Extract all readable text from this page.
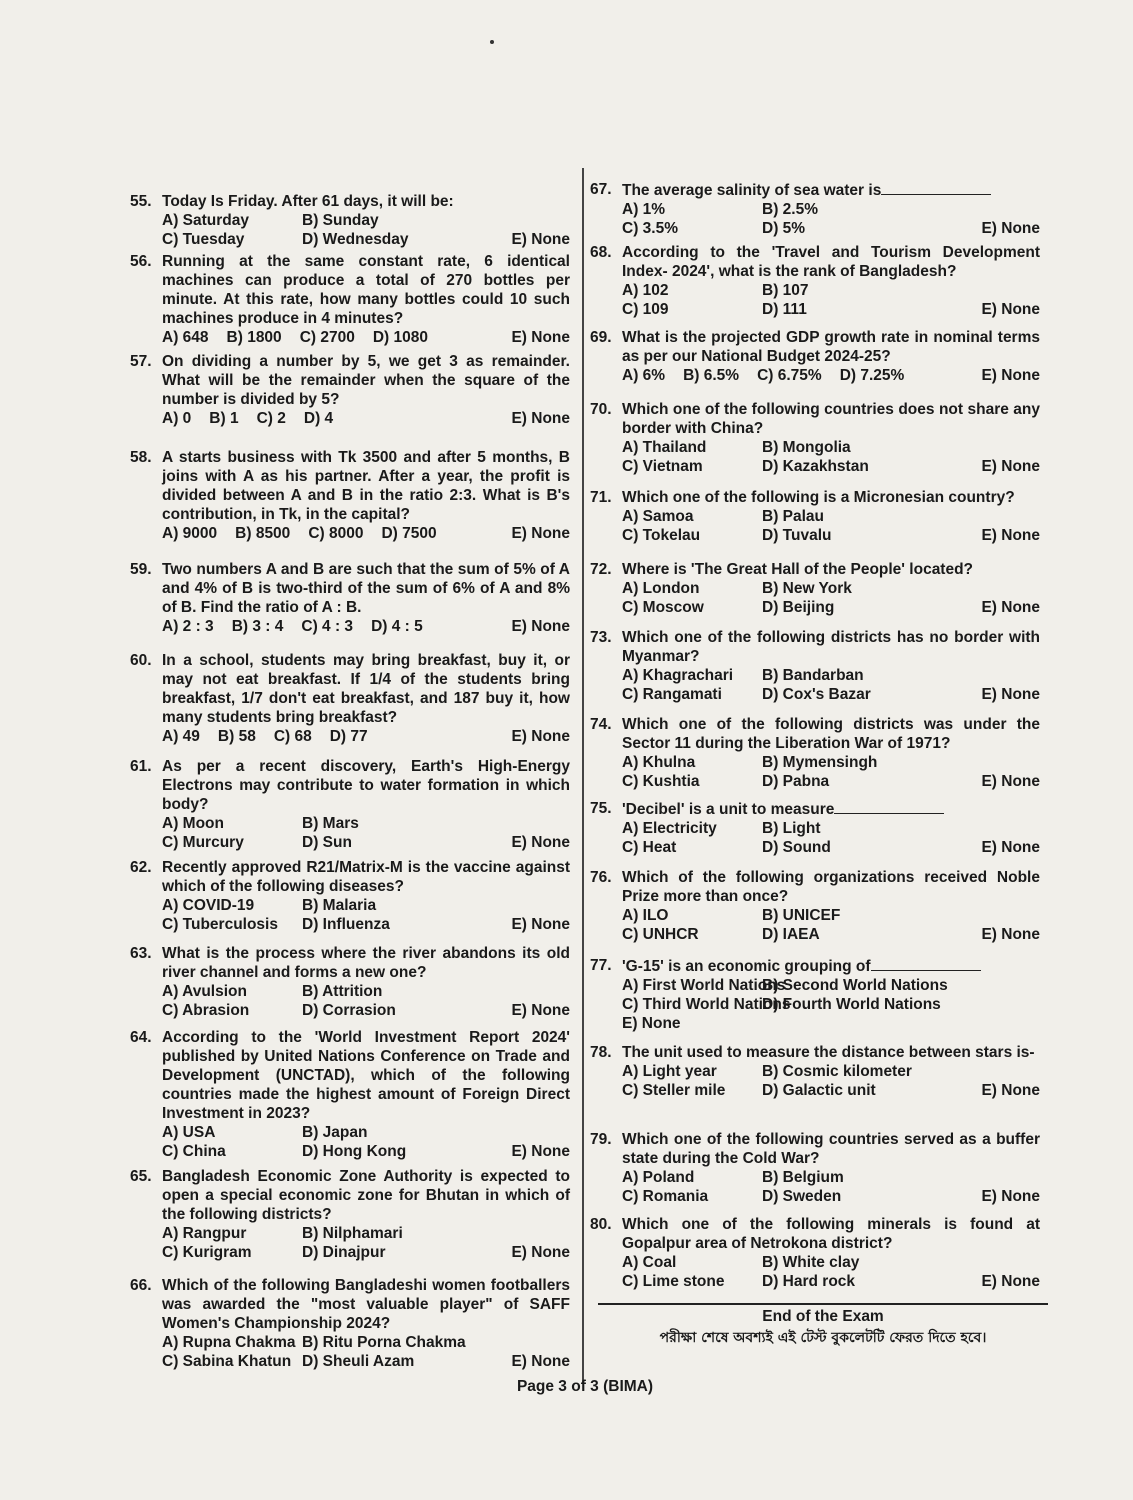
55. Today Is Friday. After 61 days, it will be:
A) Saturday	B) Sunday
C) Tuesday	D) Wednesday	E) None
56. Running at the same constant rate, 6 identical machines can produce a total of 270 bottles per minute. At this rate, how many bottles could 10 such machines produce in 4 minutes?
A) 648 B) 1800 C) 2700 D) 1080	E) None
57. On dividing a number by 5, we get 3 as remainder. What will be the remainder when the square of the number is divided by 5?
A) 0 B) 1 C) 2 D) 4	E) None
58. A starts business with Tk 3500 and after 5 months, B joins with A as his partner. After a year, the profit is divided between A and B in the ratio 2:3. What is B's contribution, in Tk, in the capital?
A) 9000 B) 8500 C) 8000 D) 7500	E) None
59. Two numbers A and B are such that the sum of 5% of A and 4% of B is two-third of the sum of 6% of A and 8% of B. Find the ratio of A : B.
A) 2 : 3 B) 3 : 4 C) 4 : 3 D) 4 : 5	E) None
60. In a school, students may bring breakfast, buy it, or may not eat breakfast. If 1/4 of the students bring breakfast, 1/7 don't eat breakfast, and 187 buy it, how many students bring breakfast?
A) 49 B) 58 C) 68 D) 77	E) None
61. As per a recent discovery, Earth's High-Energy Electrons may contribute to water formation in which body?
A) Moon	B) Mars
C) Murcury	D) Sun	E) None
62. Recently approved R21/Matrix-M is the vaccine against which of the following diseases?
A) COVID-19	B) Malaria
C) Tuberculosis	D) Influenza	E) None
63. What is the process where the river abandons its old river channel and forms a new one?
A) Avulsion	B) Attrition
C) Abrasion	D) Corrasion	E) None
64. According to the 'World Investment Report 2024' published by United Nations Conference on Trade and Development (UNCTAD), which of the following countries made the highest amount of Foreign Direct Investment in 2023?
A) USA	B) Japan
C) China	D) Hong Kong	E) None
65. Bangladesh Economic Zone Authority is expected to open a special economic zone for Bhutan in which of the following districts?
A) Rangpur	B) Nilphamari
C) Kurigram	D) Dinajpur	E) None
66. Which of the following Bangladeshi women footballers was awarded the "most valuable player" of SAFF Women's Championship 2024?
A) Rupna Chakma B) Ritu Porna Chakma
C) Sabina Khatun D) Sheuli Azam	E) None
67. The average salinity of sea water is
A) 1%	B) 2.5%
C) 3.5%	D) 5%	E) None
68. According to the 'Travel and Tourism Development Index- 2024', what is the rank of Bangladesh?
A) 102	B) 107
C) 109	D) 111	E) None
69. What is the projected GDP growth rate in nominal terms as per our National Budget 2024-25?
A) 6% B) 6.5% C) 6.75% D) 7.25%	E) None
70. Which one of the following countries does not share any border with China?
A) Thailand	B) Mongolia
C) Vietnam	D) Kazakhstan	E) None
71. Which one of the following is a Micronesian country?
A) Samoa	B) Palau
C) Tokelau	D) Tuvalu	E) None
72. Where is 'The Great Hall of the People' located?
A) London	B) New York
C) Moscow	D) Beijing	E) None
73. Which one of the following districts has no border with Myanmar?
A) Khagrachari	B) Bandarban
C) Rangamati	D) Cox's Bazar	E) None
74. Which one of the following districts was under the Sector 11 during the Liberation War of 1971?
A) Khulna	B) Mymensingh
C) Kushtia	D) Pabna	E) None
75. 'Decibel' is a unit to measure
A) Electricity	B) Light
C) Heat	D) Sound	E) None
76. Which of the following organizations received Noble Prize more than once?
A) ILO	B) UNICEF
C) UNHCR	D) IAEA	E) None
77. 'G-15' is an economic grouping of
A) First World Nations
B) Second World Nations
C) Third World Nations
D) Fourth World Nations
E) None
78. The unit used to measure the distance between stars is-
A) Light year	B) Cosmic kilometer
C) Steller mile	D) Galactic unit	E) None
79. Which one of the following countries served as a buffer state during the Cold War?
A) Poland	B) Belgium
C) Romania	D) Sweden	E) None
80. Which one of the following minerals is found at Gopalpur area of Netrokona district?
A) Coal	B) White clay
C) Lime stone	D) Hard rock	E) None
End of the Exam
পরীক্ষা শেষে অবশ্যই এই টেস্ট বুকলেটটি ফেরত দিতে হবে।
Page 3 of 3 (BIMA)
